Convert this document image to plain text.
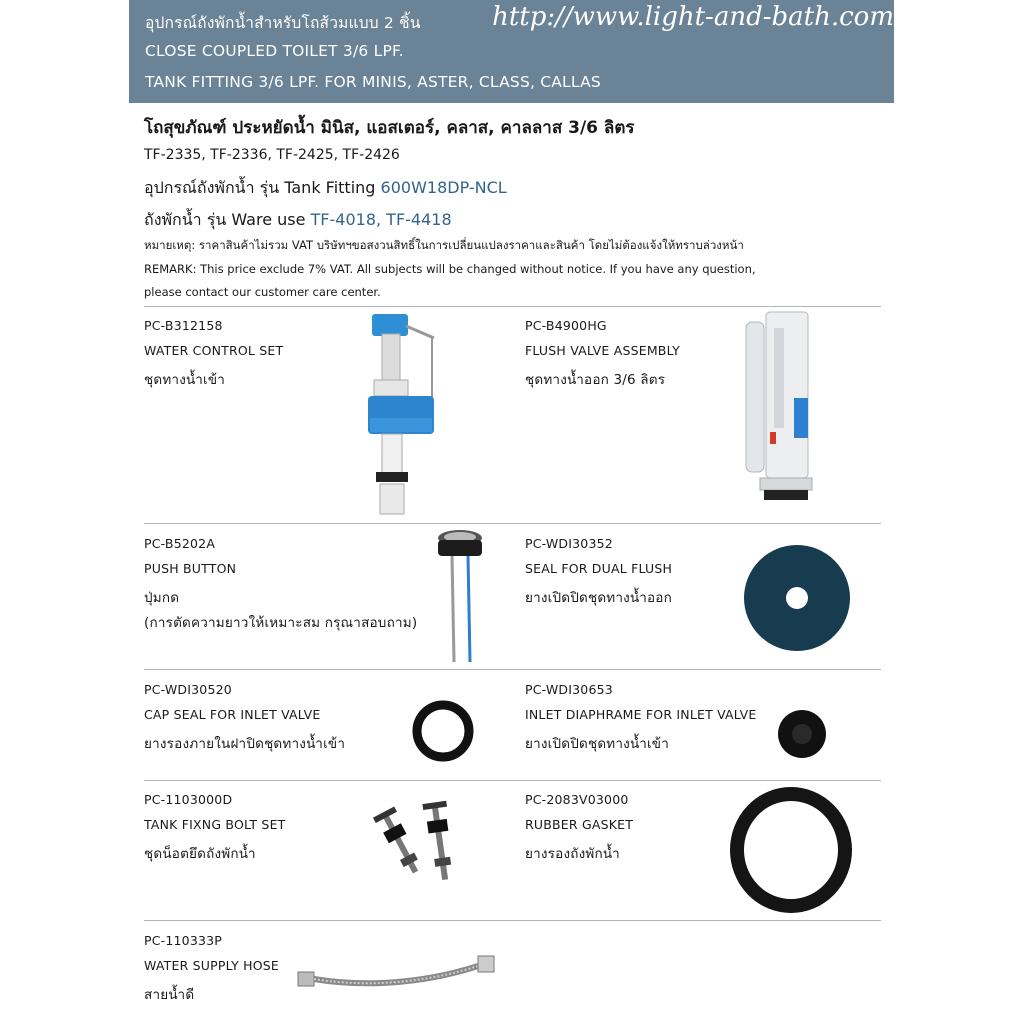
อุปกรณ์ถังพักน้ำสำหรับโถส้วมแบบ 2 ชิ้น	http://www.light-and-bath.com
CLOSE COUPLED TOILET 3/6 LPF.
TANK FITTING 3/6 LPF. FOR MINIS, ASTER, CLASS, CALLAS
โถสุขภัณฑ์ ประหยัดน้ำ มินิส, แอสเตอร์, คลาส, คาลลาส 3/6 ลิตร
TF-2335, TF-2336, TF-2425, TF-2426
อุปกรณ์ถังพักน้ำ รุ่น Tank Fitting 600W18DP-NCL
ถังพักน้ำ รุ่น Ware use TF-4018, TF-4418
หมายเหตุ: ราคาสินค้าไม่รวม VAT บริษัทฯขอสงวนสิทธิ์ในการเปลี่ยนแปลงราคาและสินค้า โดยไม่ต้องแจ้งให้ทราบล่วงหน้า
REMARK: This price exclude 7% VAT. All subjects will be changed without notice. If you have any question,
please contact our customer care center.
PC-B312158
WATER CONTROL SET
ชุดทางน้ำเข้า
PC-B4900HG
FLUSH VALVE ASSEMBLY
ชุดทางน้ำออก 3/6 ลิตร
PC-B5202A
PUSH BUTTON
ปุ่มกด
(การตัดความยาวให้เหมาะสม กรุณาสอบถาม)
PC-WDI30352
SEAL FOR DUAL FLUSH
ยางเปิดปิดชุดทางน้ำออก
PC-WDI30520
CAP SEAL FOR INLET VALVE
ยางรองภายในฝาปิดชุดทางน้ำเข้า
PC-WDI30653
INLET DIAPHRAME FOR INLET VALVE
ยางเปิดปิดชุดทางน้ำเข้า
PC-1103000D
TANK FIXNG BOLT SET
ชุดน็อตยึดถังพักน้ำ
PC-2083V03000
RUBBER GASKET
ยางรองถังพักน้ำ
PC-110333P
WATER SUPPLY HOSE
สายน้ำดี
